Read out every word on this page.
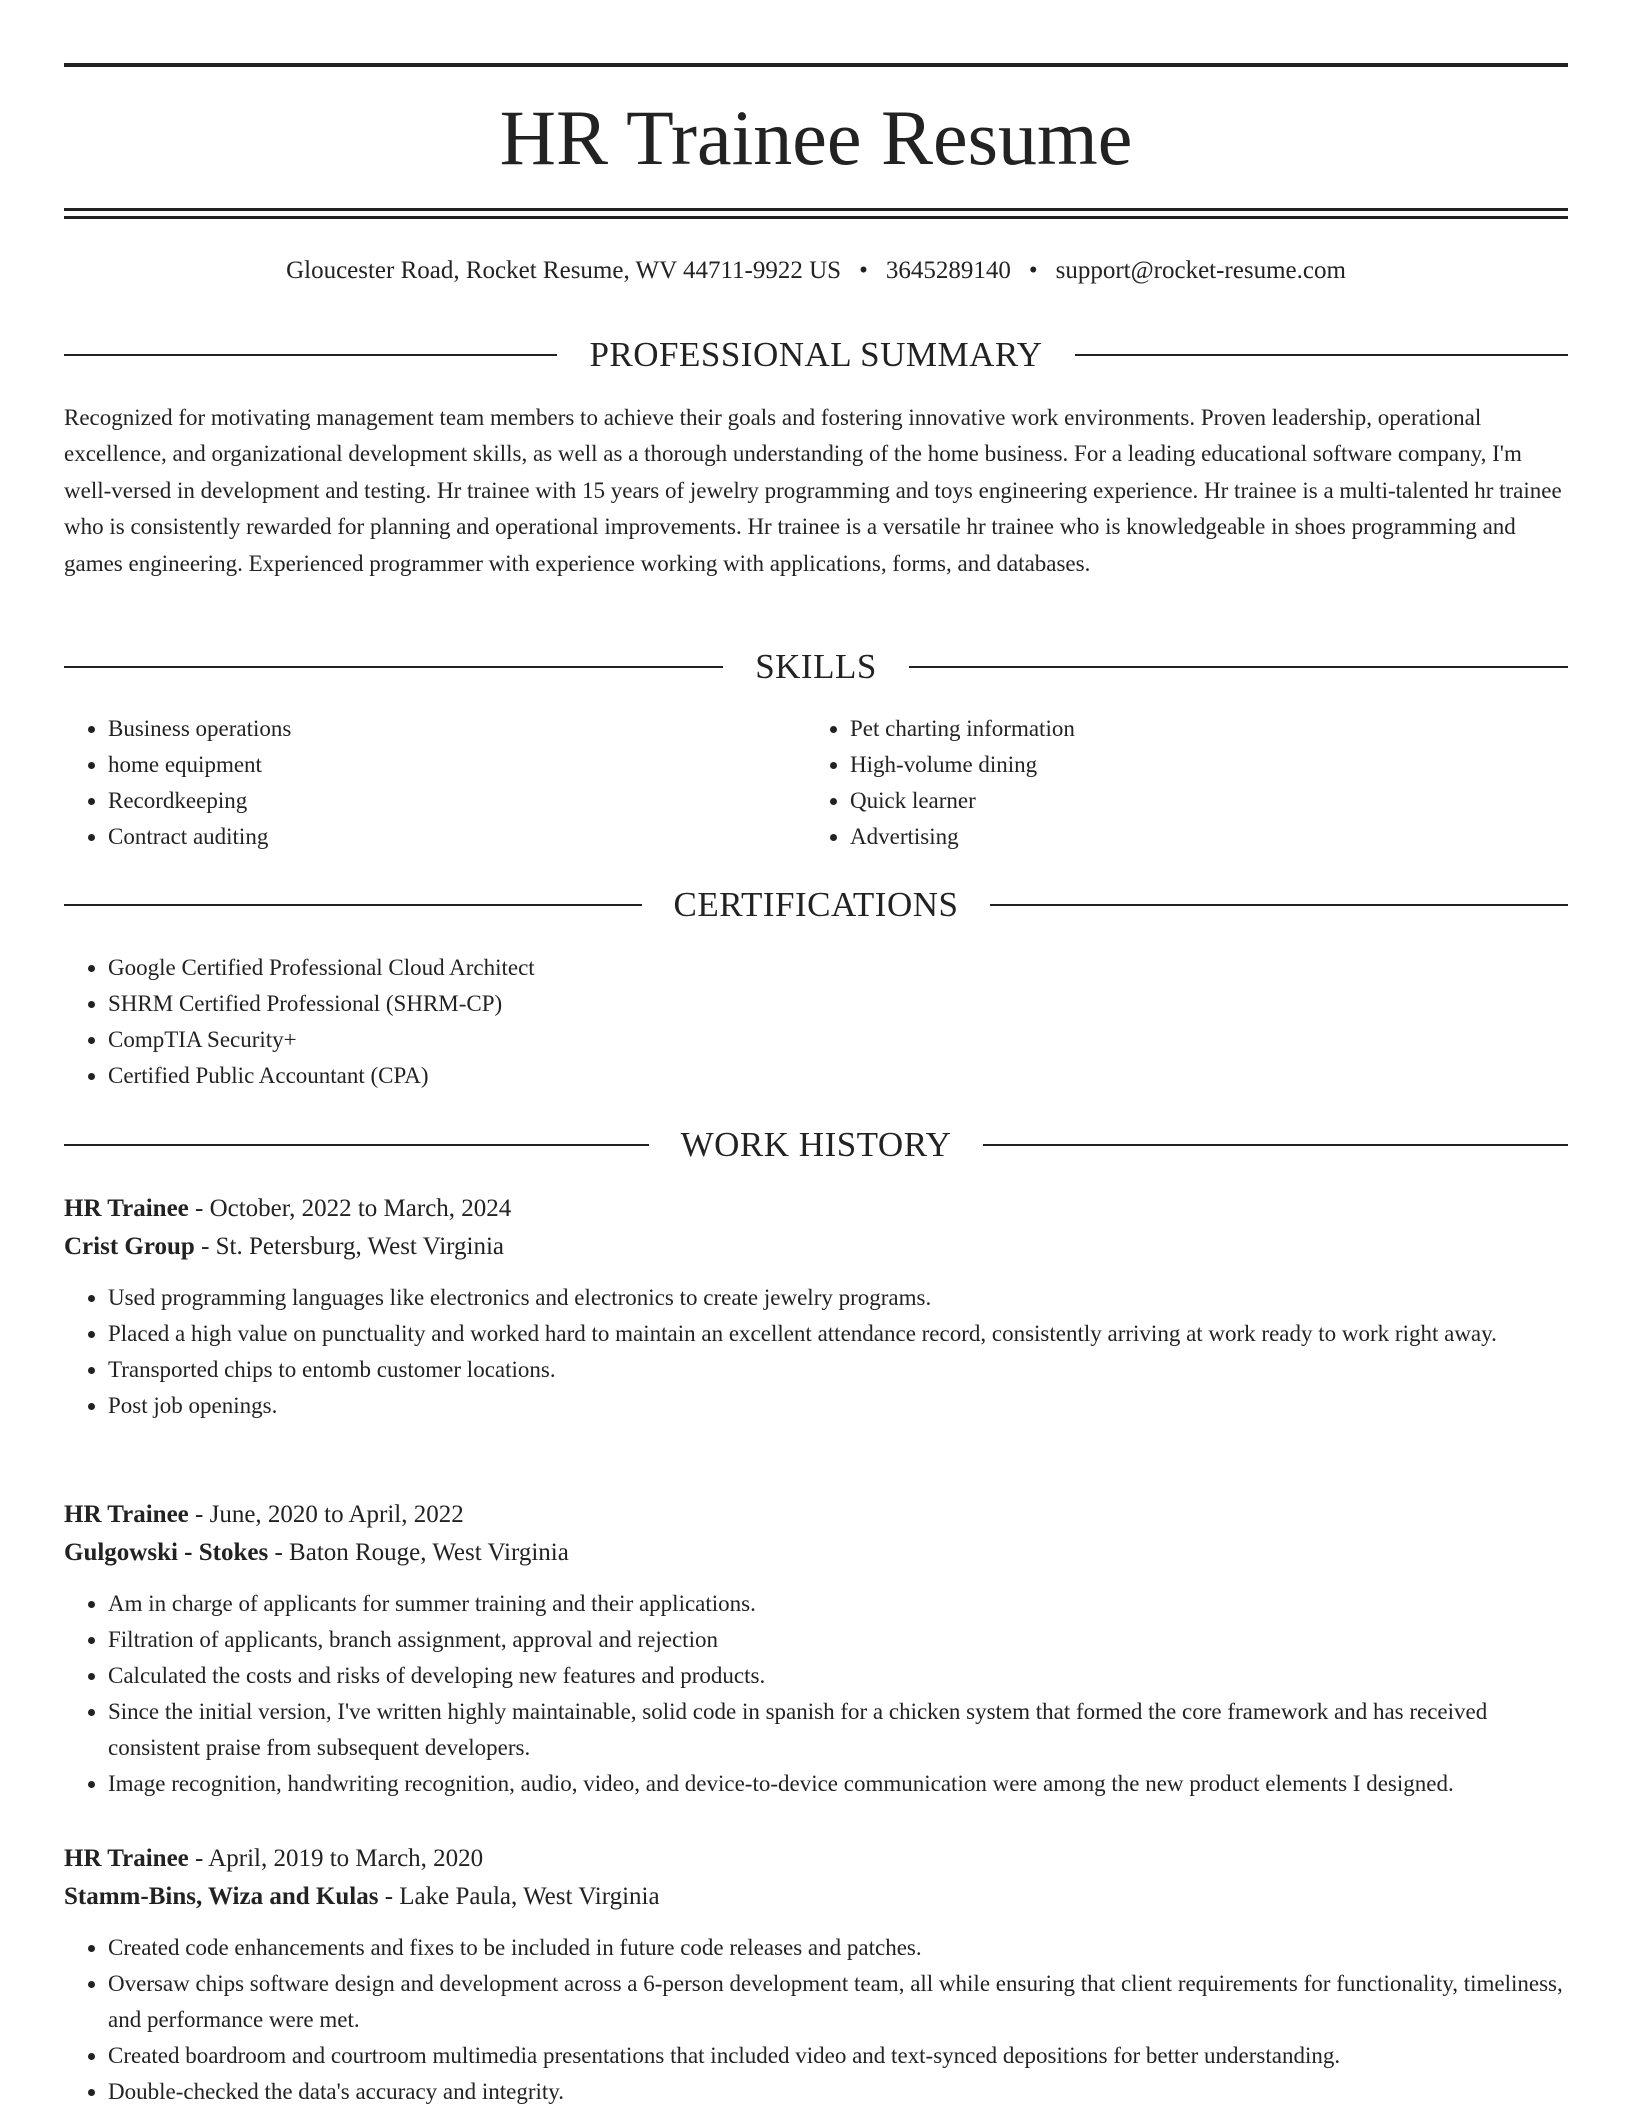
HR Trainee Resume
Gloucester Road, Rocket Resume, WV 44711-9922 US • 3645289140 • support@rocket-resume.com
PROFESSIONAL SUMMARY

Recognized for motivating management team members to achieve their goals and fostering innovative work environments. Proven leadership, operational excellence, and organizational development skills, as well as a thorough understanding of the home business. For a leading educational software company, I'm well-versed in development and testing. Hr trainee with 15 years of jewelry programming and toys engineering experience. Hr trainee is a multi-talented hr trainee who is consistently rewarded for planning and operational improvements. Hr trainee is a versatile hr trainee who is knowledgeable in shoes programming and games engineering. Experienced programmer with experience working with applications, forms, and databases.

SKILLS
• Business operations
• home equipment
• Recordkeeping
• Contract auditing
• Pet charting information
• High-volume dining
• Quick learner
• Advertising
CERTIFICATIONS
• Google Certified Professional Cloud Architect
• SHRM Certified Professional (SHRM-CP)
• CompTIA Security+
• Certified Public Accountant (CPA)
WORK HISTORY
HR Trainee - October, 2022 to March, 2024
Crist Group - St. Petersburg, West Virginia
• Used programming languages like electronics and electronics to create jewelry programs.
• Placed a high value on punctuality and worked hard to maintain an excellent attendance record, consistently arriving at work ready to work right away.
• Transported chips to entomb customer locations.
• Post job openings.
HR Trainee - June, 2020 to April, 2022
Gulgowski - Stokes - Baton Rouge, West Virginia
• Am in charge of applicants for summer training and their applications.
• Filtration of applicants, branch assignment, approval and rejection
• Calculated the costs and risks of developing new features and products.
• Since the initial version, I've written highly maintainable, solid code in spanish for a chicken system that formed the core framework and has received consistent praise from subsequent developers.
• Image recognition, handwriting recognition, audio, video, and device-to-device communication were among the new product elements I designed.
HR Trainee - April, 2019 to March, 2020
Stamm-Bins, Wiza and Kulas - Lake Paula, West Virginia
• Created code enhancements and fixes to be included in future code releases and patches.
• Oversaw chips software design and development across a 6-person development team, all while ensuring that client requirements for functionality, timeliness, and performance were met.
• Created boardroom and courtroom multimedia presentations that included video and text-synced depositions for better understanding.
• Double-checked the data's accuracy and integrity.
